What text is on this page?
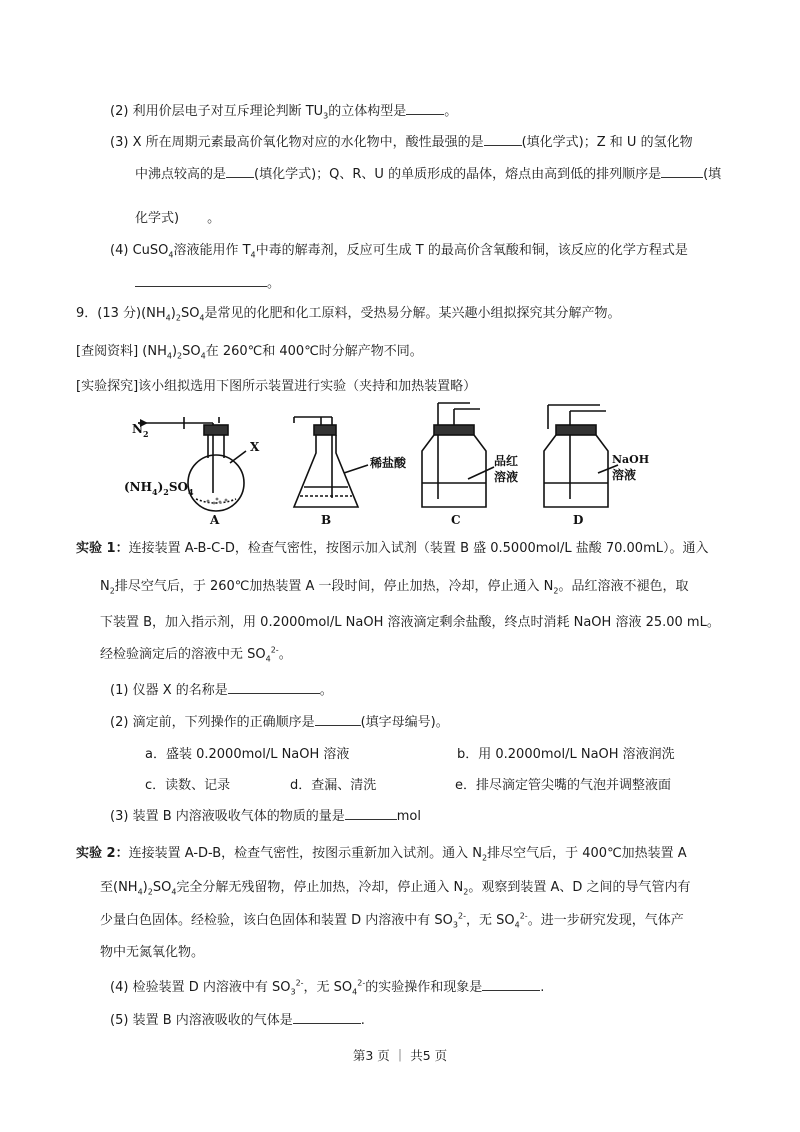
(2) 利用价层电子对互斥理论判断 $TU_3$的立体构型是	。
(3) X 所在周期元素最高价氧化物对应的水化物中，酸性最强的是	(填化学式)；Z 和 U 的氢化物
中沸点较高的是 (填化学式)；Q、R、U 的单质形成的晶体，熔点由高到低的排列顺序是	(填
化学式) 。
(4) CuSO$_4$溶液能用作 $T_4$中毒的解毒剂，反应可生成 T 的最高价含氧酸和铜，该反应的化学方程式是
。
9．(13 分)$(NH_4)_2SO_4$是常见的化肥和化工原料，受热易分解。某兴趣小组拟探究其分解产物。
[查阅资料] $(NH_4)_2SO_4$在 260℃和 400℃时分解产物不同。
[实验探究]该小组拟选用下图所示装置进行实验（夹持和加热装置略）
$N_2$
X
$(NH_4)_2SO_4$
稀盐酸	品红
溶液
NaOH
溶液
A	B	C	D
实验 1：连接装置 A-B-C-D，检查气密性，按图示加入试剂（装置 B 盛 0.5000mol/L 盐酸 70.00mL）。通入
$N_2$排尽空气后，于 260℃加热装置 A 一段时间，停止加热，冷却，停止通入 $N_2$。品红溶液不褪色，取
下装置 B，加入指示剂，用 0.2000mol/L NaOH 溶液滴定剩余盐酸，终点时消耗 NaOH 溶液 25.00 mL。
经检验滴定后的溶液中无 $SO_4^{2-}$。
(1) 仪器 X 的名称是	。
(2) 滴定前，下列操作的正确顺序是	(填字母编号)。
a．盛装 0.2000mol/L NaOH 溶液	b．用 0.2000mol/L NaOH 溶液润洗
c．读数、记录	d．查漏、清洗	e．排尽滴定管尖嘴的气泡并调整液面
(3) 装置 B 内溶液吸收气体的物质的量是	mol
实验 2：连接装置 A-D-B，检查气密性，按图示重新加入试剂。通入 $N_2$排尽空气后，于 400℃加热装置 A
至$(NH_4)_2SO_4$完全分解无残留物，停止加热，冷却，停止通入 $N_2$。观察到装置 A、D 之间的导气管内有
少量白色固体。经检验，该白色固体和装置 D 内溶液中有 $SO_3^{2-}$，无 $SO_4^{2-}$。进一步研究发现，气体产
物中无氮氧化物。
(4) 检验装置 D 内溶液中有 $SO_3^{2-}$，无 $SO_4^{2-}$的实验操作和现象是	.
(5) 装置 B 内溶液吸收的气体是	.
第3 页 ｜ 共5 页
